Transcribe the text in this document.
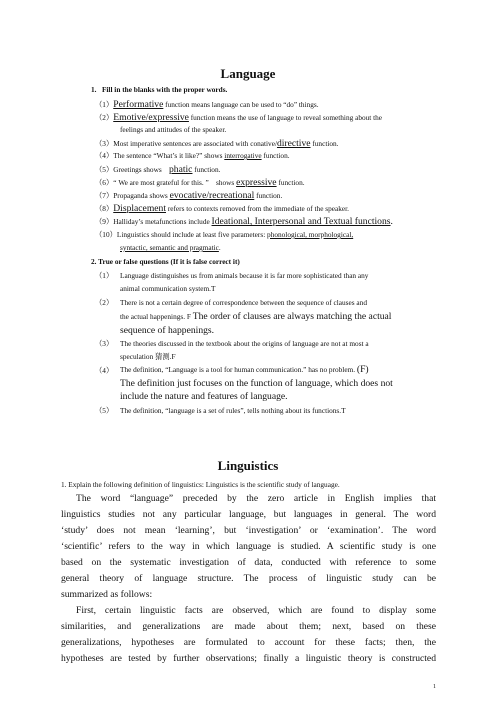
Language
1.   Fill in the blanks with the proper words.
（1）Performative function means language can be used to “do” things.
（2）Emotive/expressive function means the use of language to reveal something about the
feelings and attitudes of the speaker.
（3）Most imperative sentences are associated with conative/directive function.
（4）The sentence “What’s it like?” shows interrogative function.
（5）Greetings shows    phatic function.
（6）“ We are most grateful for this. ”    shows expressive function.
（7）Propaganda shows evocative/recreational function.
（8）Displacement refers to contexts removed from the immediate of the speaker.
（9）Halliday’s metafunctions include Ideational, Interpersonal and Textual functions.
（10）Linguistics should include at least five parameters: phonological, morphological,
syntactic, semantic and pragmatic.
2. True or false questions (If it is false correct it)
（1） Language distinguishes us from animals because it is far more sophisticated than any
animal communication system.T
（2） There is not a certain degree of correspondence between the sequence of clauses and
the actual happenings. F The order of clauses are always matching the actual
sequence of happenings.
（3） The theories discussed in the textbook about the origins of language are not at most a
speculation 猜测.F
（4） The definition, “Language is a tool for human communication.” has no problem. (F)
The definition just focuses on the function of language, which does not
include the nature and features of language.
（5） The definition, “language is a set of rules”, tells nothing about its functions.T
Linguistics
1. Explain the following definition of linguistics: Linguistics is the scientific study of language.
The word “language” preceded by the zero article in English implies that
linguistics studies not any particular language, but languages in general. The word
‘study’ does not mean ‘learning’, but ‘investigation’ or ‘examination’. The word
‘scientific’ refers to the way in which language is studied. A scientific study is one
based on the systematic investigation of data, conducted with reference to some
general theory of language structure. The process of linguistic study can be
summarized as follows:
First, certain linguistic facts are observed, which are found to display some
similarities, and generalizations are made about them; next, based on these
generalizations, hypotheses are formulated to account for these facts; then, the
hypotheses are tested by further observations; finally a linguistic theory is constructed
1
